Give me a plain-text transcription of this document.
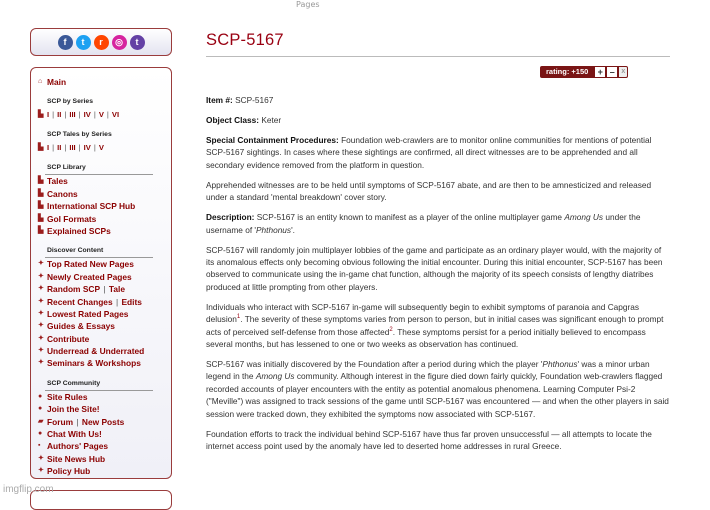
Pages
f	t	r	◎	t
⌂ Main
SCP by Series
▙ I | II | III | IV | V | VI
SCP Tales by Series
▙ I | II | III | IV | V
SCP Library
▙ Tales
▙ Canons
▙ International SCP Hub
▙ GoI Formats
▙ Explained SCPs
Discover Content
✦ Top Rated New Pages
✦ Newly Created Pages
✦ Random SCP | Tale
✦ Recent Changes | Edits
✦ Lowest Rated Pages
✦ Guides & Essays
✦ Contribute
✦ Underread & Underrated
✦ Seminars & Workshops
SCP Community
● Site Rules
● Join the Site!
▰ Forum | New Posts
● Chat With Us!
▪ Authors' Pages
✦ Site News Hub
✦ Policy Hub
SCP-5167
rating: +150	+ – x

Item #: SCP-5167

Object Class: Keter

Special Containment Procedures: Foundation web-crawlers are to monitor online communities for mentions of potential SCP-5167 sightings. In cases where these sightings are confirmed, all direct witnesses are to be apprehended and all secondary evidence removed from the platform in question.

Apprehended witnesses are to be held until symptoms of SCP-5167 abate, and are then to be amnesticized and released under a standard 'mental breakdown' cover story.

Description: SCP-5167 is an entity known to manifest as a player of the online multiplayer game Among Us under the username of 'Phthonus'.

SCP-5167 will randomly join multiplayer lobbies of the game and participate as an ordinary player would, with the majority of its anomalous effects only becoming obvious following the initial encounter. During this initial encounter, SCP-5167 has been observed to communicate using the in-game chat function, although the majority of its speech consists of lengthy diatribes produced at little prompting from other players.

Individuals who interact with SCP-5167 in-game will subsequently begin to exhibit symptoms of paranoia and Capgras delusion$^1$. The severity of these symptoms varies from person to person, but in initial cases was significant enough to prompt acts of perceived self-defense from those affected$^2$. These symptoms persist for a period initially believed to encompass several months, but has lessened to one or two weeks as observation has continued.

SCP-5167 was initially discovered by the Foundation after a period during which the player 'Phthonus' was a minor urban legend in the Among Us community. Although interest in the figure died down fairly quickly, Foundation web-crawlers flagged recorded accounts of player encounters with the entity as potential anomalous phenomena. Learning Computer Psi-2 ("Meville") was assigned to track sessions of the game until SCP-5167 was encountered — and when the other players in said session were tracked down, they exhibited the symptoms now associated with SCP-5167.

Foundation efforts to track the individual behind SCP-5167 have thus far proven unsuccessful — all attempts to locate the internet access point used by the anomaly have led to deserted home addresses in rural Greece.

imgflip.com
